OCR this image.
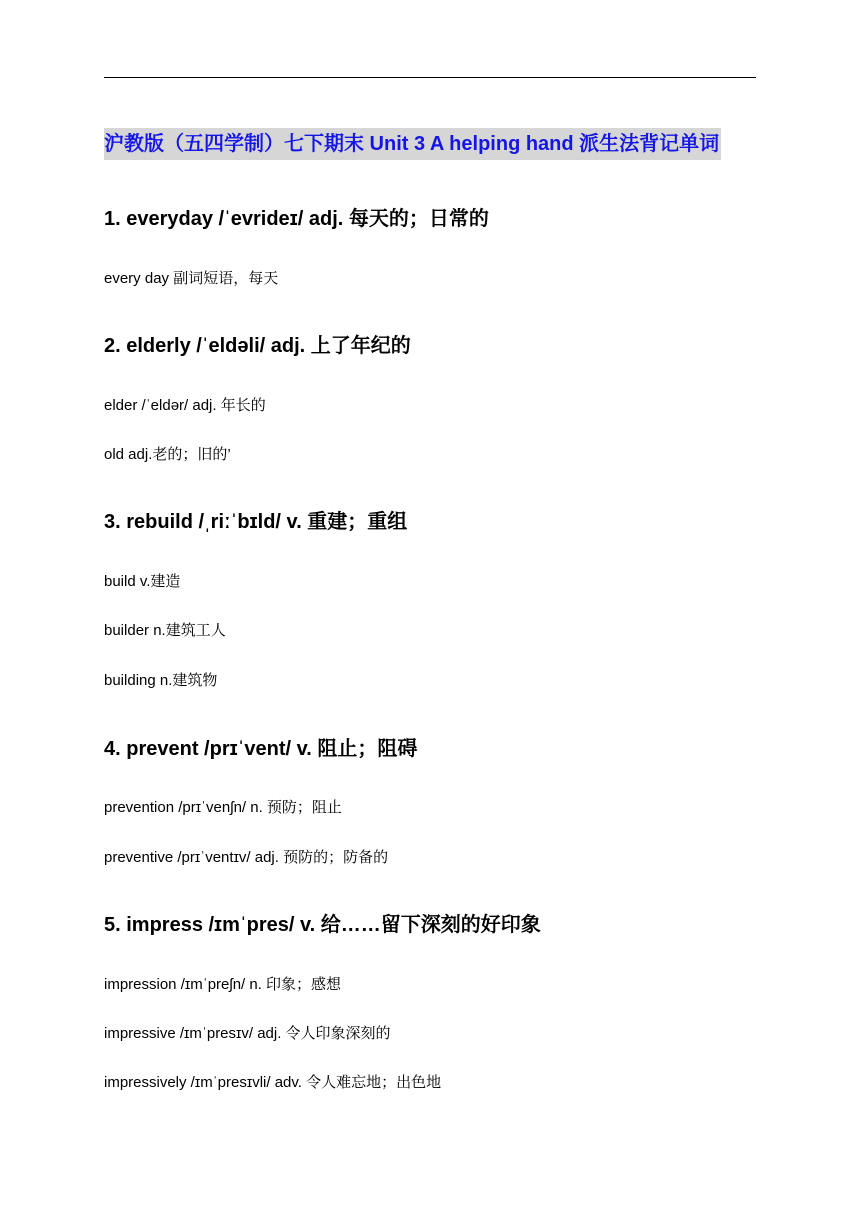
沪教版（五四学制）七下期末 Unit 3 A helping hand 派生法背记单词
1. everyday /ˈevrideɪ/ adj. 每天的；日常的
every day 副词短语，每天
2. elderly /ˈeldəli/ adj. 上了年纪的
elder /ˈeldər/ adj. 年长的
old adj.老的；旧的’
3. rebuild /ˌriːˈbɪld/ v. 重建；重组
build v.建造
builder n.建筑工人
building n.建筑物
4. prevent /prɪˈvent/ v. 阻止；阻碍
prevention /prɪˈvenʃn/ n. 预防；阻止
preventive /prɪˈventɪv/ adj. 预防的；防备的
5. impress /ɪmˈpres/ v. 给……留下深刻的好印象
impression /ɪmˈpreʃn/ n. 印象；感想
impressive /ɪmˈpresɪv/ adj. 令人印象深刻的
impressively /ɪmˈpresɪvli/ adv. 令人难忘地；出色地
